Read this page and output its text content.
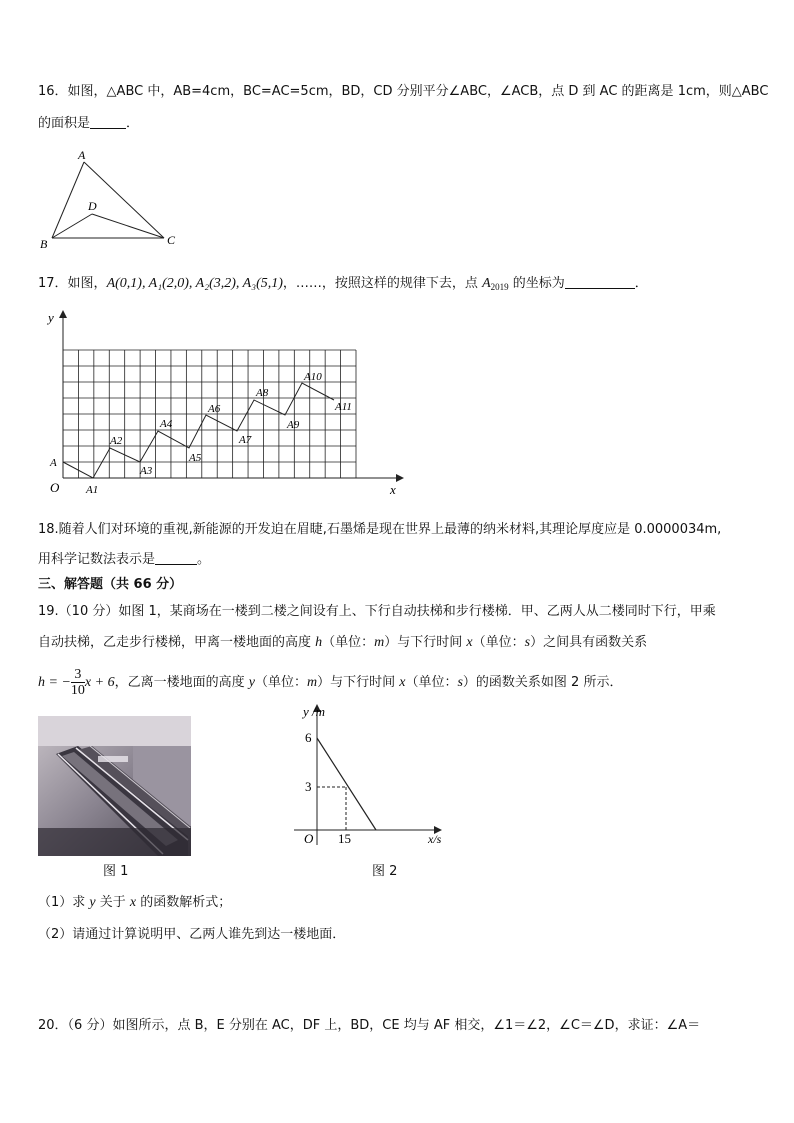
16．如图，△ABC 中，AB=4cm，BC=AC=5cm，BD，CD 分别平分∠ABC，∠ACB，点 D 到 AC 的距离是 1cm，则△ABC
的面积是	．
A
B	C
D
17．如图，A(0,1), A₁(2,0), A₂(3,2), A₃(5,1)，……，按照这样的规律下去，点 $A_{2019}$ 的坐标为	．
y
x
O
A
A1
A2
A3
A4
A5
A6
A7
A8
A9
A10
A11
18.随着人们对环境的重视,新能源的开发迫在眉睫,石墨烯是现在世界上最薄的纳米材料,其理论厚度应是 0.0000034m,
用科学记数法表示是	。
三、解答题（共 66 分）
19.（10 分）如图 1，某商场在一楼到二楼之间设有上、下行自动扶梯和步行楼梯．甲、乙两人从二楼同时下行，甲乘
自动扶梯，乙走步行楼梯，甲离一楼地面的高度 h（单位：m）与下行时间 x（单位：s）之间具有函数关系
h = − $\frac{3}{10}$ x + 6，乙离一楼地面的高度 y（单位：m）与下行时间 x（单位：s）的函数关系如图 2 所示．
图 1
y /m
x/s
O
6
3
15
图 2
（1）求 y 关于 x 的函数解析式；
（2）请通过计算说明甲、乙两人谁先到达一楼地面．
20．（6 分）如图所示，点 B，E 分别在 AC，DF 上，BD，CE 均与 AF 相交，∠1＝∠2，∠C＝∠D，求证：∠A＝
